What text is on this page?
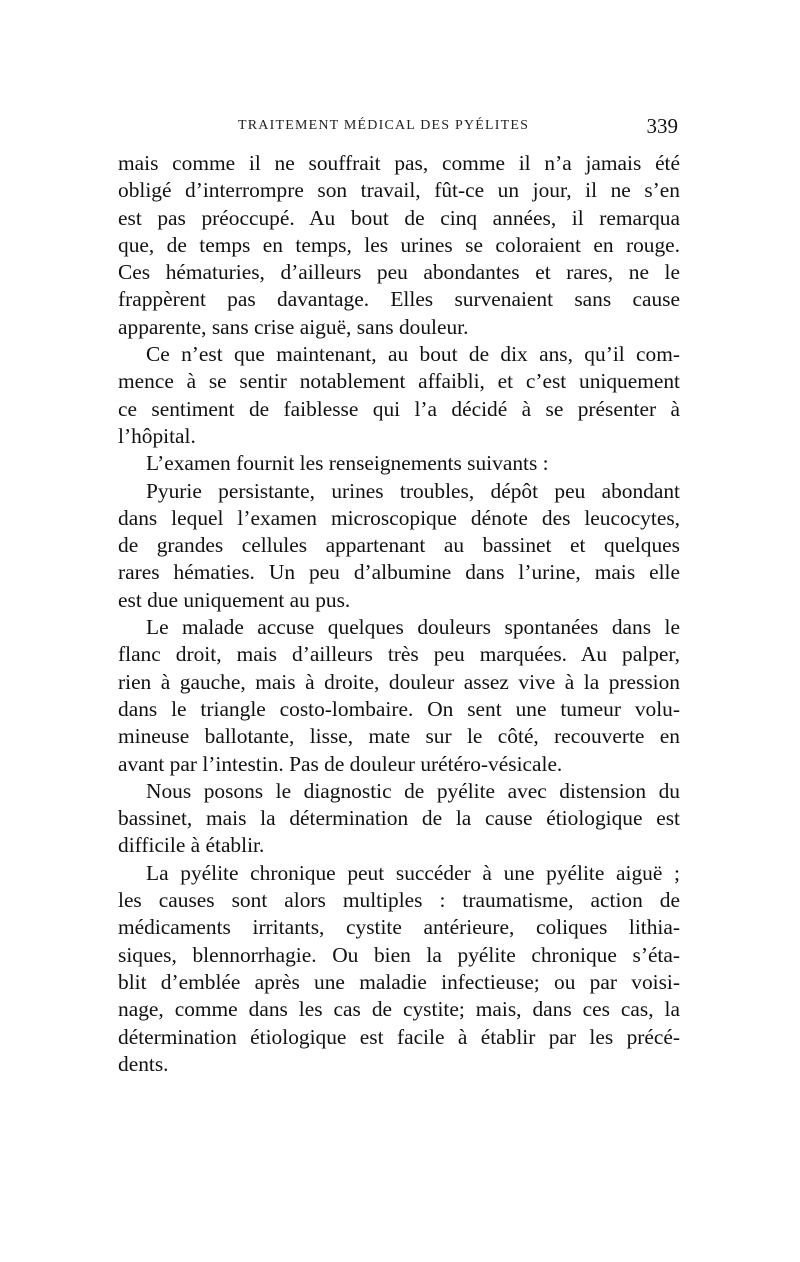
TRAITEMENT MÉDICAL DES PYÉLITES	339
mais comme il ne souffrait pas, comme il n’a jamais été
obligé d’interrompre son travail, fût-ce un jour, il ne s’en
est pas préoccupé. Au bout de cinq années, il remarqua
que, de temps en temps, les urines se coloraient en rouge.
Ces hématuries, d’ailleurs peu abondantes et rares, ne le
frappèrent pas davantage. Elles survenaient sans cause
apparente, sans crise aiguë, sans douleur.
Ce n’est que maintenant, au bout de dix ans, qu’il com-
mence à se sentir notablement affaibli, et c’est uniquement
ce sentiment de faiblesse qui l’a décidé à se présenter à
l’hôpital.
L’examen fournit les renseignements suivants :
Pyurie persistante, urines troubles, dépôt peu abondant
dans lequel l’examen microscopique dénote des leucocytes,
de grandes cellules appartenant au bassinet et quelques
rares hématies. Un peu d’albumine dans l’urine, mais elle
est due uniquement au pus.
Le malade accuse quelques douleurs spontanées dans le
flanc droit, mais d’ailleurs très peu marquées. Au palper,
rien à gauche, mais à droite, douleur assez vive à la pression
dans le triangle costo-lombaire. On sent une tumeur volu-
mineuse ballotante, lisse, mate sur le côté, recouverte en
avant par l’intestin. Pas de douleur urétéro-vésicale.
Nous posons le diagnostic de pyélite avec distension du
bassinet, mais la détermination de la cause étiologique est
difficile à établir.
La pyélite chronique peut succéder à une pyélite aiguë ;
les causes sont alors multiples : traumatisme, action de
médicaments irritants, cystite antérieure, coliques lithia-
siques, blennorrhagie. Ou bien la pyélite chronique s’éta-
blit d’emblée après une maladie infectieuse; ou par voisi-
nage, comme dans les cas de cystite; mais, dans ces cas, la
détermination étiologique est facile à établir par les précé-
dents.
